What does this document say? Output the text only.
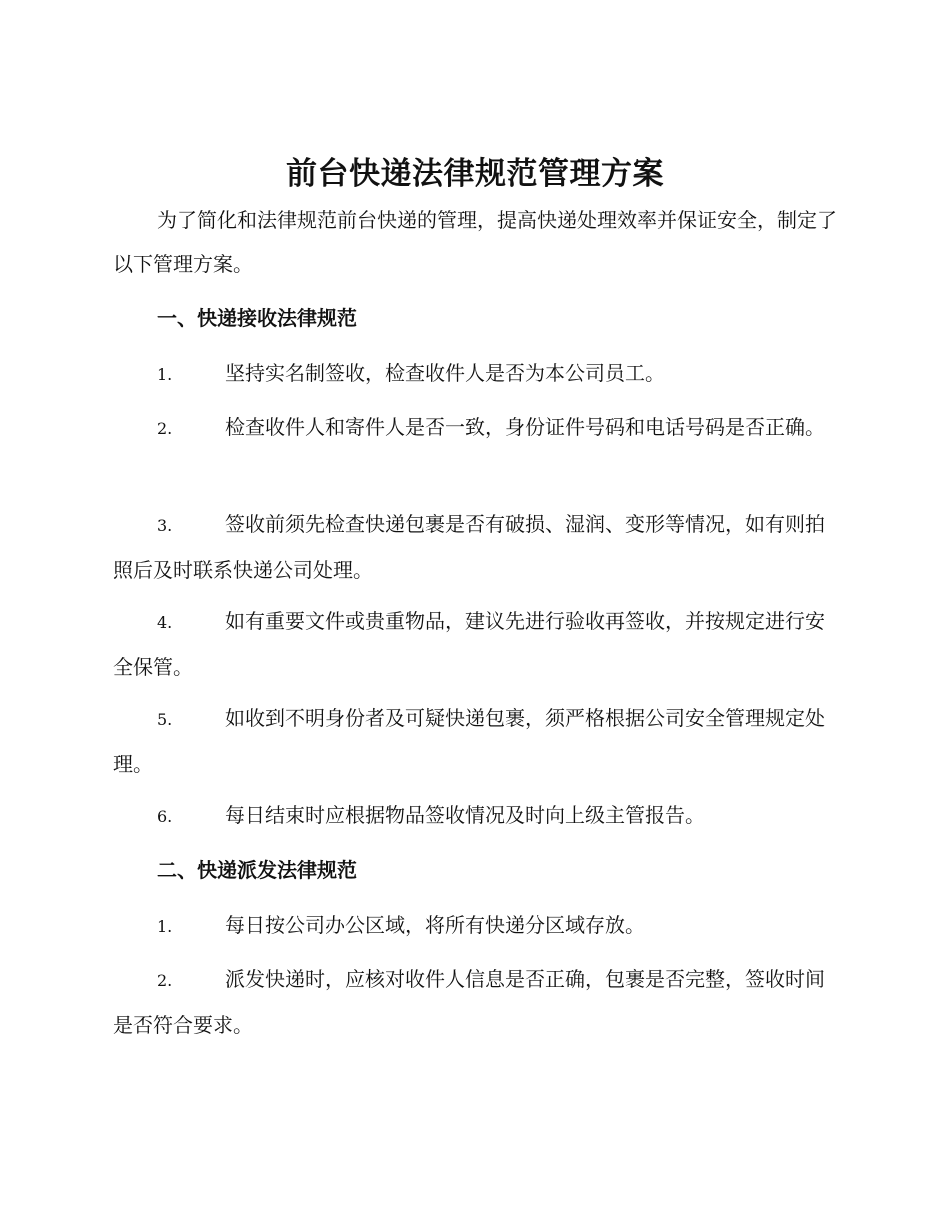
前台快递法律规范管理方案

为了简化和法律规范前台快递的管理，提高快递处理效率并保证安全，制定了以下管理方案。

一、快递接收法律规范

1.	坚持实名制签收，检查收件人是否为本公司员工。

2.	检查收件人和寄件人是否一致，身份证件号码和电话号码是否正确。

3.	签收前须先检查快递包裹是否有破损、湿润、变形等情况，如有则拍照后及时联系快递公司处理。

4.	如有重要文件或贵重物品，建议先进行验收再签收，并按规定进行安全保管。

5.	如收到不明身份者及可疑快递包裹，须严格根据公司安全管理规定处理。

6.	每日结束时应根据物品签收情况及时向上级主管报告。

二、快递派发法律规范

1.	每日按公司办公区域，将所有快递分区域存放。

2.	派发快递时，应核对收件人信息是否正确，包裹是否完整，签收时间是否符合要求。
